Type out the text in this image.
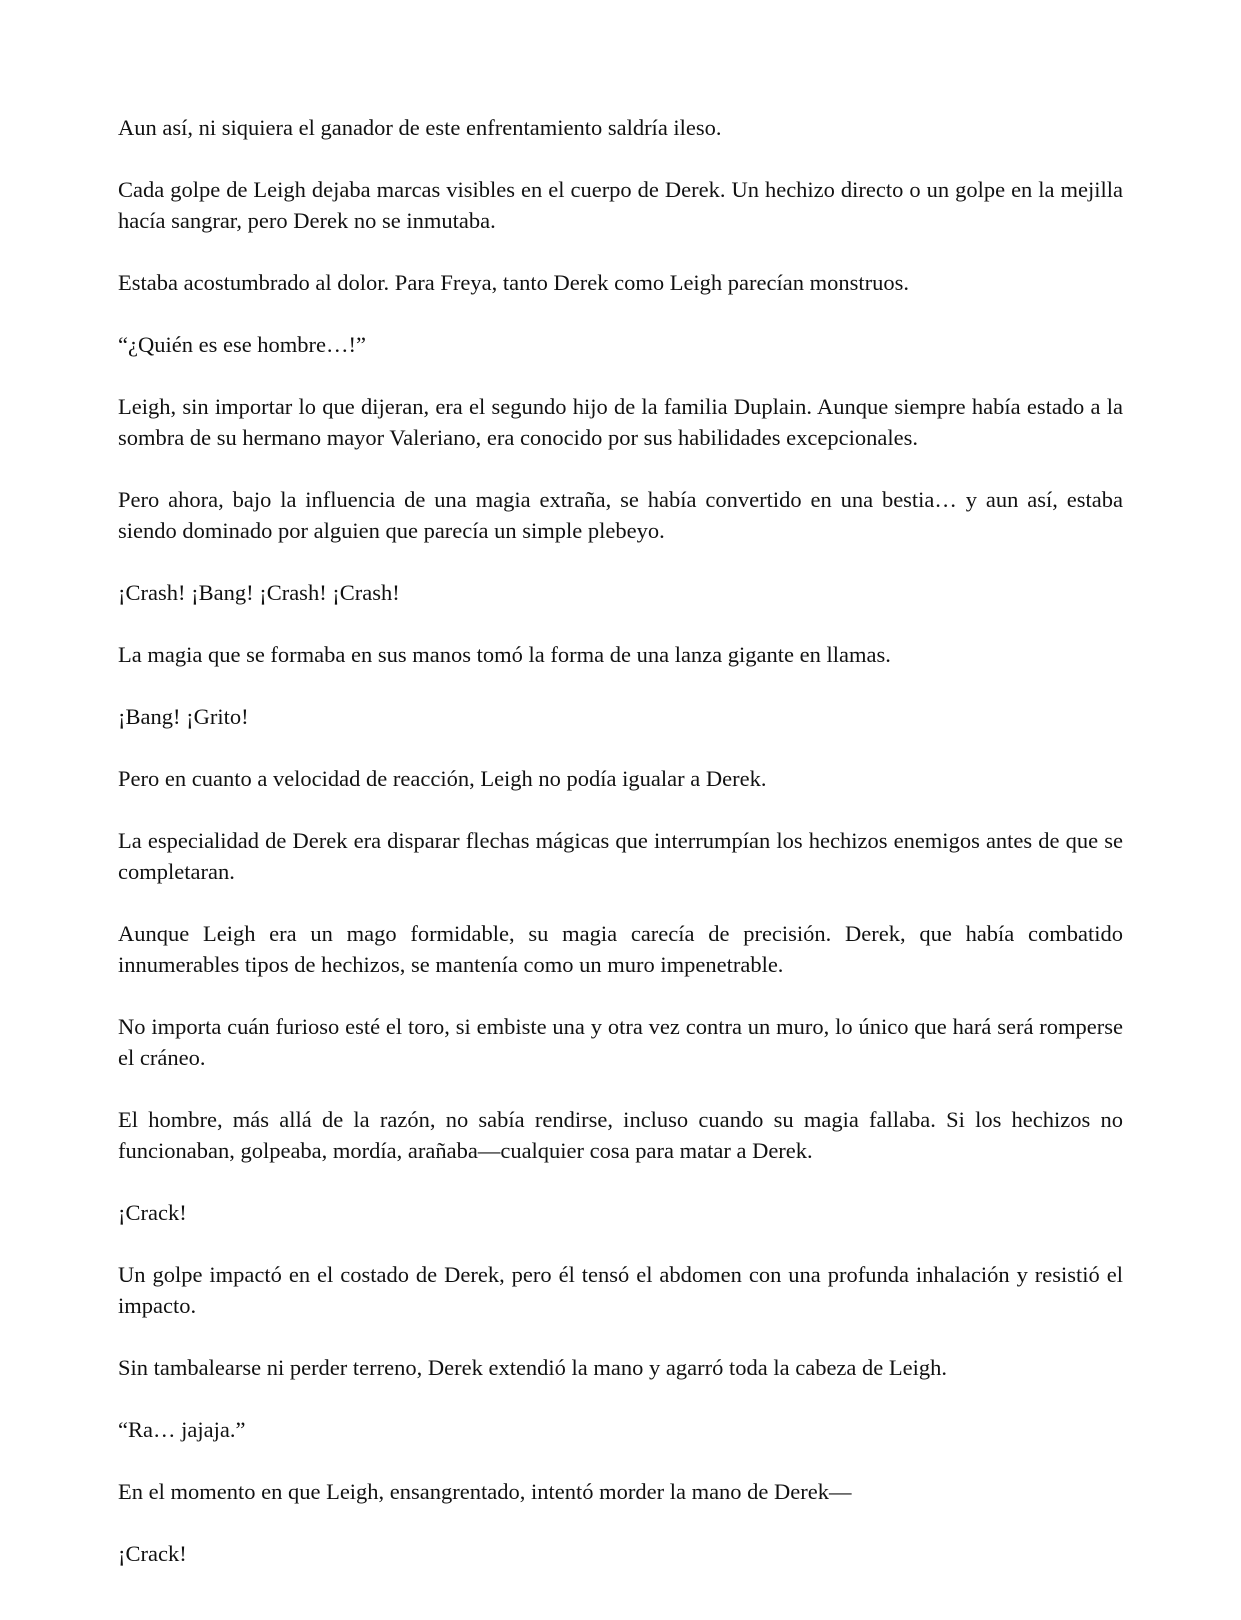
Aun así, ni siquiera el ganador de este enfrentamiento saldría ileso.

Cada golpe de Leigh dejaba marcas visibles en el cuerpo de Derek. Un hechizo directo o un golpe en la mejilla hacía sangrar, pero Derek no se inmutaba.

Estaba acostumbrado al dolor. Para Freya, tanto Derek como Leigh parecían monstruos.

“¿Quién es ese hombre…!”

Leigh, sin importar lo que dijeran, era el segundo hijo de la familia Duplain. Aunque siempre había estado a la sombra de su hermano mayor Valeriano, era conocido por sus habilidades excepcionales.

Pero ahora, bajo la influencia de una magia extraña, se había convertido en una bestia… y aun así, estaba siendo dominado por alguien que parecía un simple plebeyo.

¡Crash! ¡Bang! ¡Crash! ¡Crash!

La magia que se formaba en sus manos tomó la forma de una lanza gigante en llamas.

¡Bang! ¡Grito!

Pero en cuanto a velocidad de reacción, Leigh no podía igualar a Derek.

La especialidad de Derek era disparar flechas mágicas que interrumpían los hechizos enemigos antes de que se completaran.

Aunque Leigh era un mago formidable, su magia carecía de precisión. Derek, que había combatido innumerables tipos de hechizos, se mantenía como un muro impenetrable.

No importa cuán furioso esté el toro, si embiste una y otra vez contra un muro, lo único que hará será romperse el cráneo.

El hombre, más allá de la razón, no sabía rendirse, incluso cuando su magia fallaba. Si los hechizos no funcionaban, golpeaba, mordía, arañaba—cualquier cosa para matar a Derek.

¡Crack!

Un golpe impactó en el costado de Derek, pero él tensó el abdomen con una profunda inhalación y resistió el impacto.

Sin tambalearse ni perder terreno, Derek extendió la mano y agarró toda la cabeza de Leigh.

“Ra… jajaja.”

En el momento en que Leigh, ensangrentado, intentó morder la mano de Derek—

¡Crack!
